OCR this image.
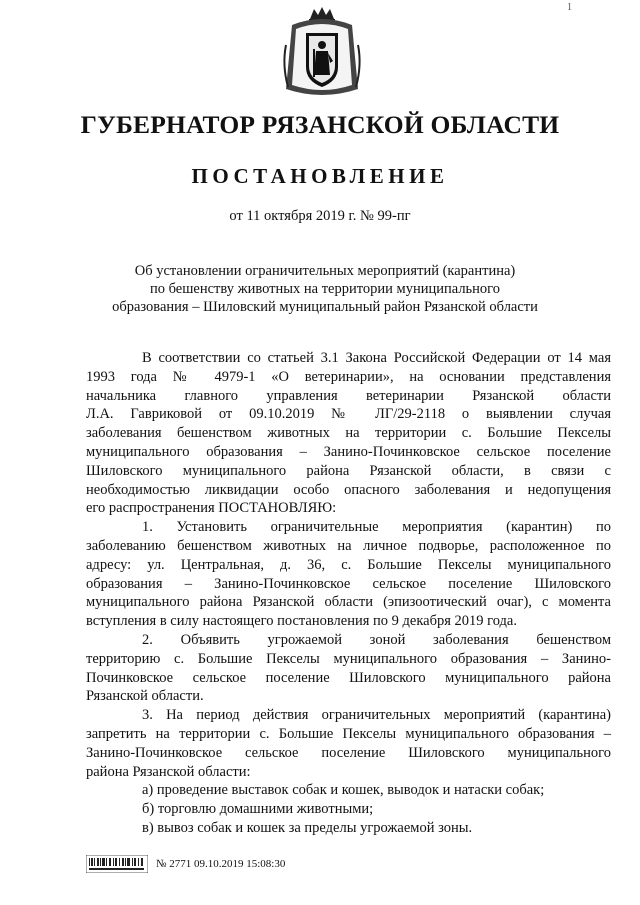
1
ГУБЕРНАТОР РЯЗАНСКОЙ ОБЛАСТИ
ПОСТАНОВЛЕНИЕ
от 11 октября 2019 г. № 99-пг
Об установлении ограничительных мероприятий (карантина)
по бешенству животных на территории муниципального
образования – Шиловский муниципальный район Рязанской области
В соответствии со статьей 3.1 Закона Российской Федерации от 14 мая
1993 года № 4979-1 «О ветеринарии», на основании представления
начальника главного управления ветеринарии Рязанской области
Л.А. Гавриковой от 09.10.2019 № ЛГ/29-2118 о выявлении случая
заболевания бешенством животных на территории с. Большие Пекселы
муниципального образования – Занино-Починковское сельское поселение
Шиловского муниципального района Рязанской области, в связи с
необходимостью ликвидации особо опасного заболевания и недопущения
его распространения ПОСТАНОВЛЯЮ:
1. Установить ограничительные мероприятия (карантин) по
заболеванию бешенством животных на личное подворье, расположенное по
адресу: ул. Центральная, д. 36, с. Большие Пекселы муниципального
образования – Занино-Починковское сельское поселение Шиловского
муниципального района Рязанской области (эпизоотический очаг), с момента
вступления в силу настоящего постановления по 9 декабря 2019 года.
2. Объявить угрожаемой зоной заболевания бешенством
территорию с. Большие Пекселы муниципального образования – Занино-
Починковское сельское поселение Шиловского муниципального района
Рязанской области.
3. На период действия ограничительных мероприятий (карантина)
запретить на территории с. Большие Пекселы муниципального образования –
Занино-Починковское сельское поселение Шиловского муниципального
района Рязанской области:
а) проведение выставок собак и кошек, выводок и натаски собак;
б) торговлю домашними животными;
в) вывоз собак и кошек за пределы угрожаемой зоны.
№ 2771 09.10.2019 15:08:30
